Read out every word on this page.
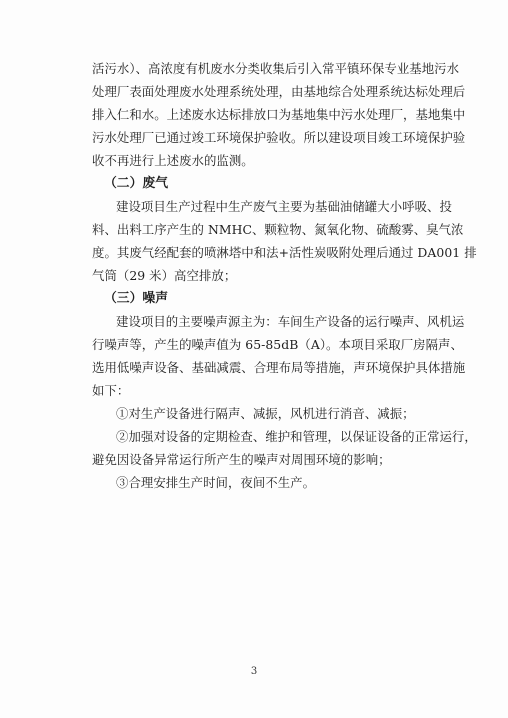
活污水）、高浓度有机废水分类收集后引入常平镇环保专业基地污水
处理厂表面处理废水处理系统处理，由基地综合处理系统达标处理后
排入仁和水。上述废水达标排放口为基地集中污水处理厂，基地集中
污水处理厂已通过竣工环境保护验收。所以建设项目竣工环境保护验
收不再进行上述废水的监测。
（二）废气
建设项目生产过程中生产废气主要为基础油储罐大小呼吸、投
料、出料工序产生的 NMHC、颗粒物、氮氧化物、硫酸雾、臭气浓
度。其废气经配套的喷淋塔中和法+活性炭吸附处理后通过 DA001 排
气筒（29 米）高空排放；
（三）噪声
建设项目的主要噪声源主为：车间生产设备的运行噪声、风机运
行噪声等，产生的噪声值为 65-85dB（A）。本项目采取厂房隔声、
选用低噪声设备、基础减震、合理布局等措施，声环境保护具体措施
如下：
①对生产设备进行隔声、减振，风机进行消音、减振；
②加强对设备的定期检查、维护和管理，以保证设备的正常运行，
避免因设备异常运行所产生的噪声对周围环境的影响；
③合理安排生产时间，夜间不生产。
3
